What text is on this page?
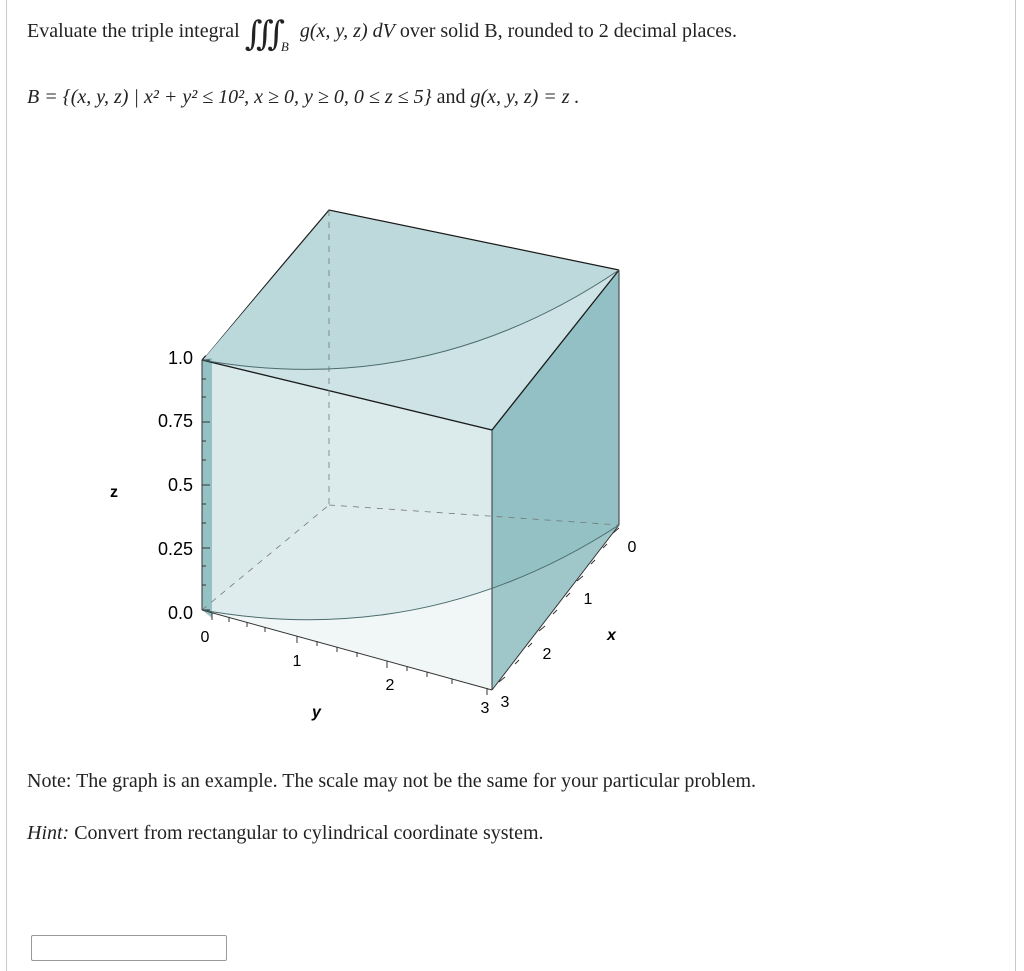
Evaluate the triple integral ∭ $_B$ g(x, y, z) dV over solid B, rounded to 2 decimal places.
B = {(x, y, z) | x² + y² ≤ 10², x ≥ 0, y ≥ 0, 0 ≤ z ≤ 5} and g(x, y, z) = z .
1.0
0.75
0.5
0.25
0.0
z
0
1
2
3
y
0
1
2
3
x
Note: The graph is an example. The scale may not be the same for your particular problem.
Hint: Convert from rectangular to cylindrical coordinate system.
